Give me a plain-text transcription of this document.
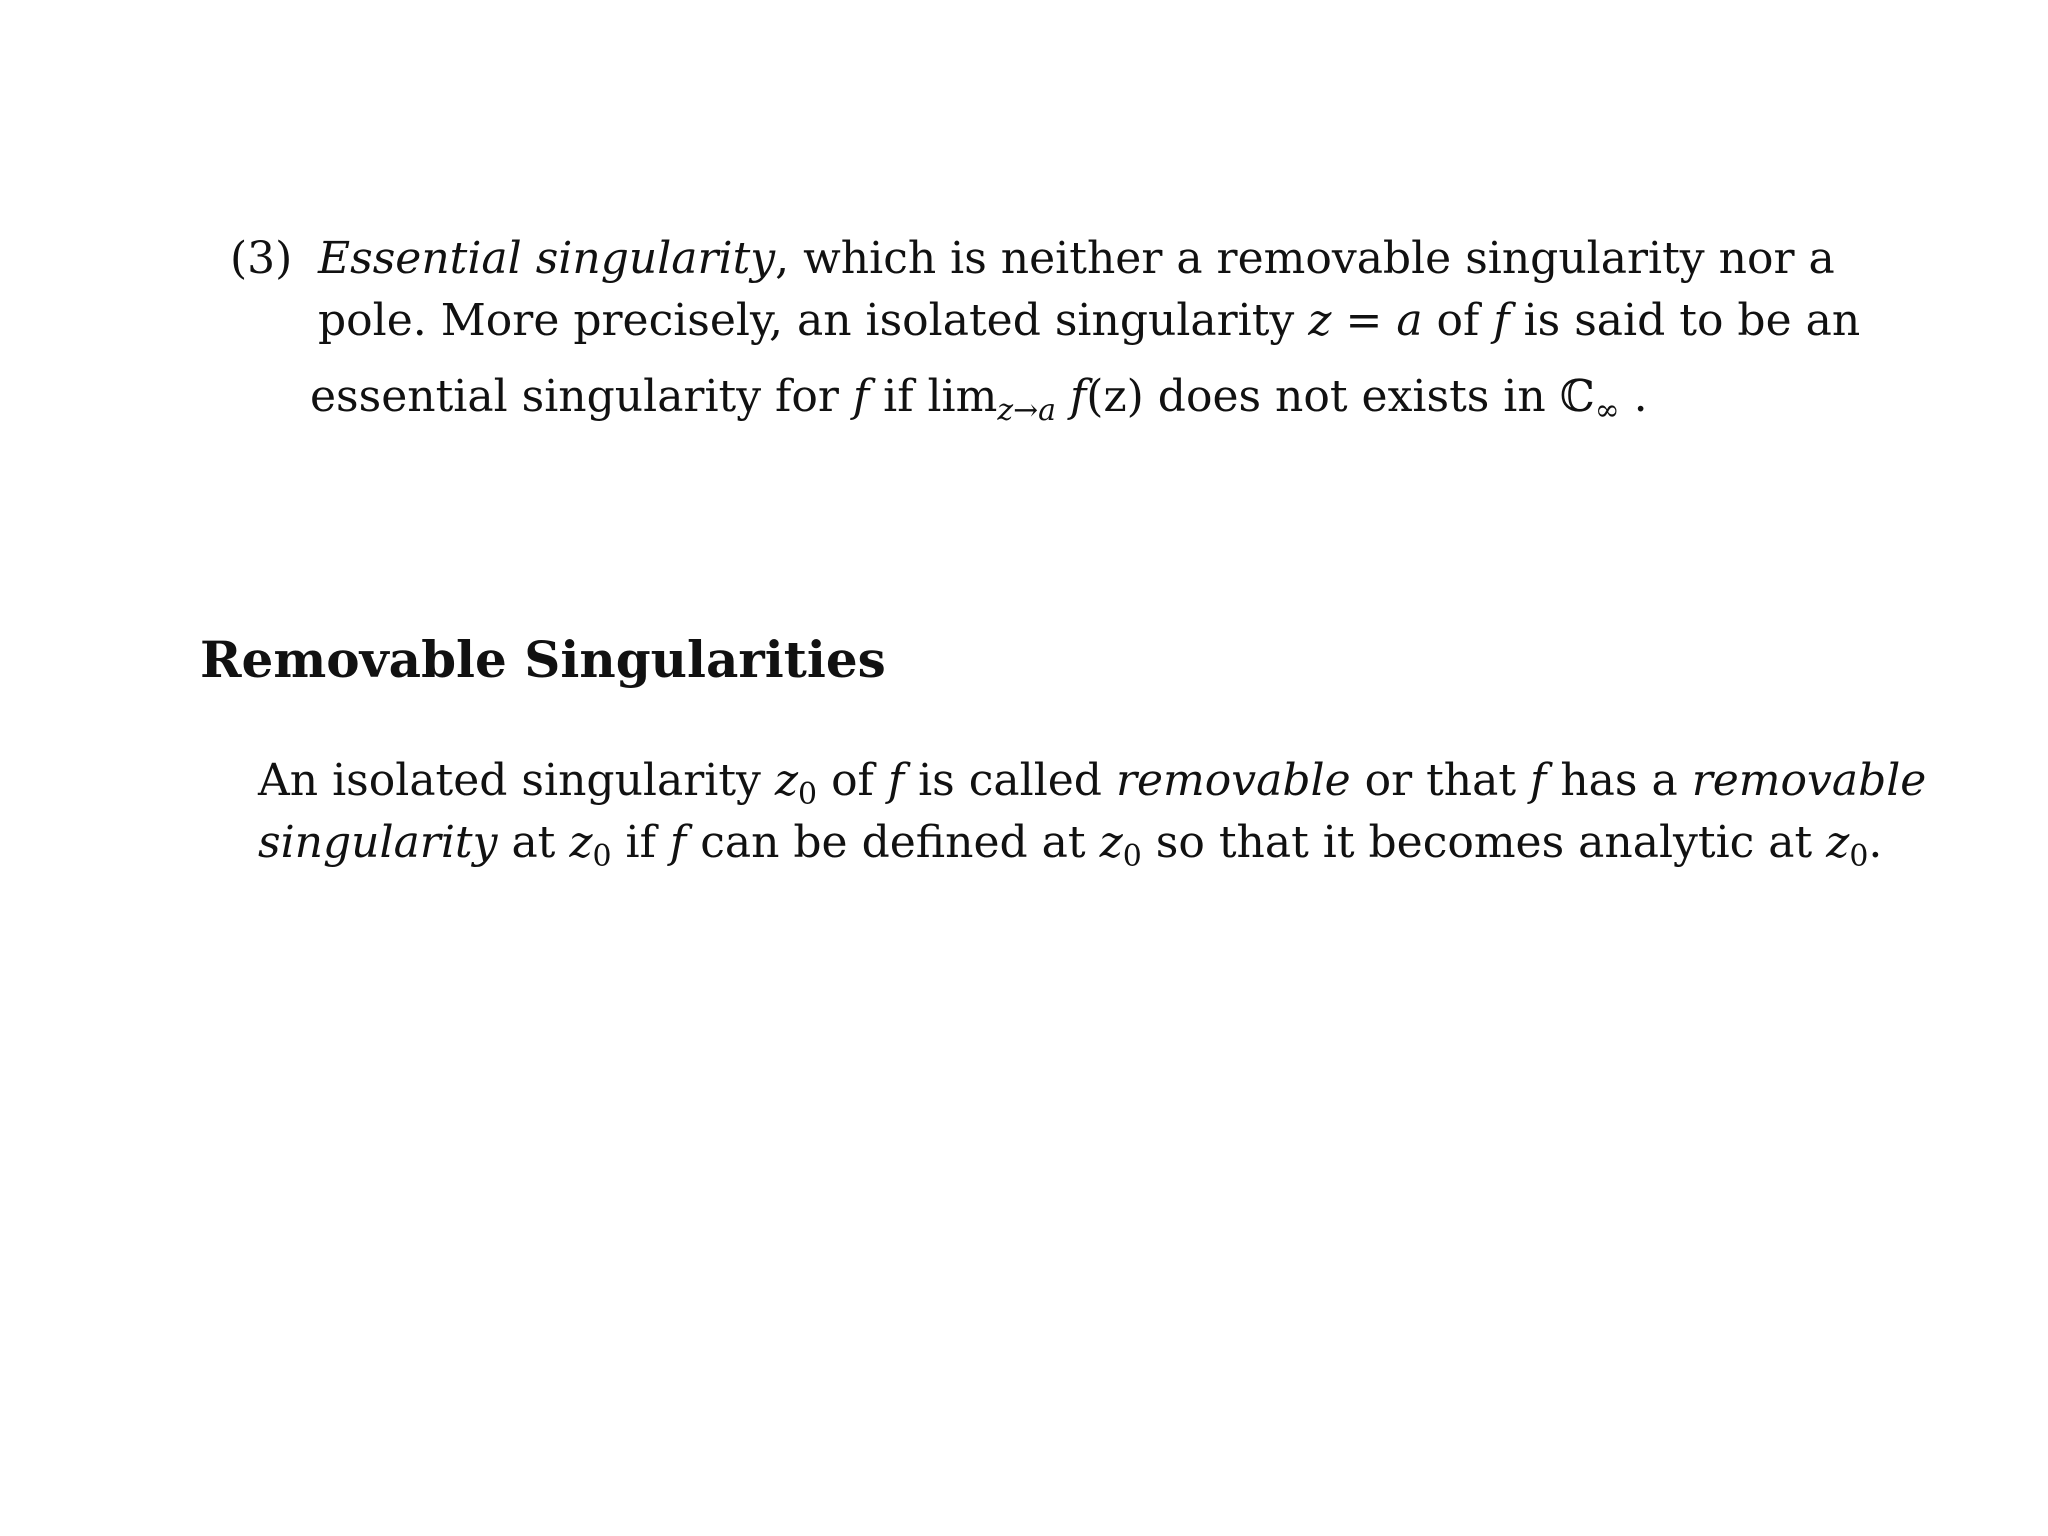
(3) Essential singularity, which is neither a removable singularity nor a
pole. More precisely, an isolated singularity z = a of f is said to be an
essential singularity for f if $\lim_{z\to a} f(z)$ does not exists in ℂ$_\infty$ .
Removable Singularities
An isolated singularity $z_0$ of f is called removable or that f has a removable
singularity at $z_0$ if f can be defined at $z_0$ so that it becomes analytic at $z_0$.
